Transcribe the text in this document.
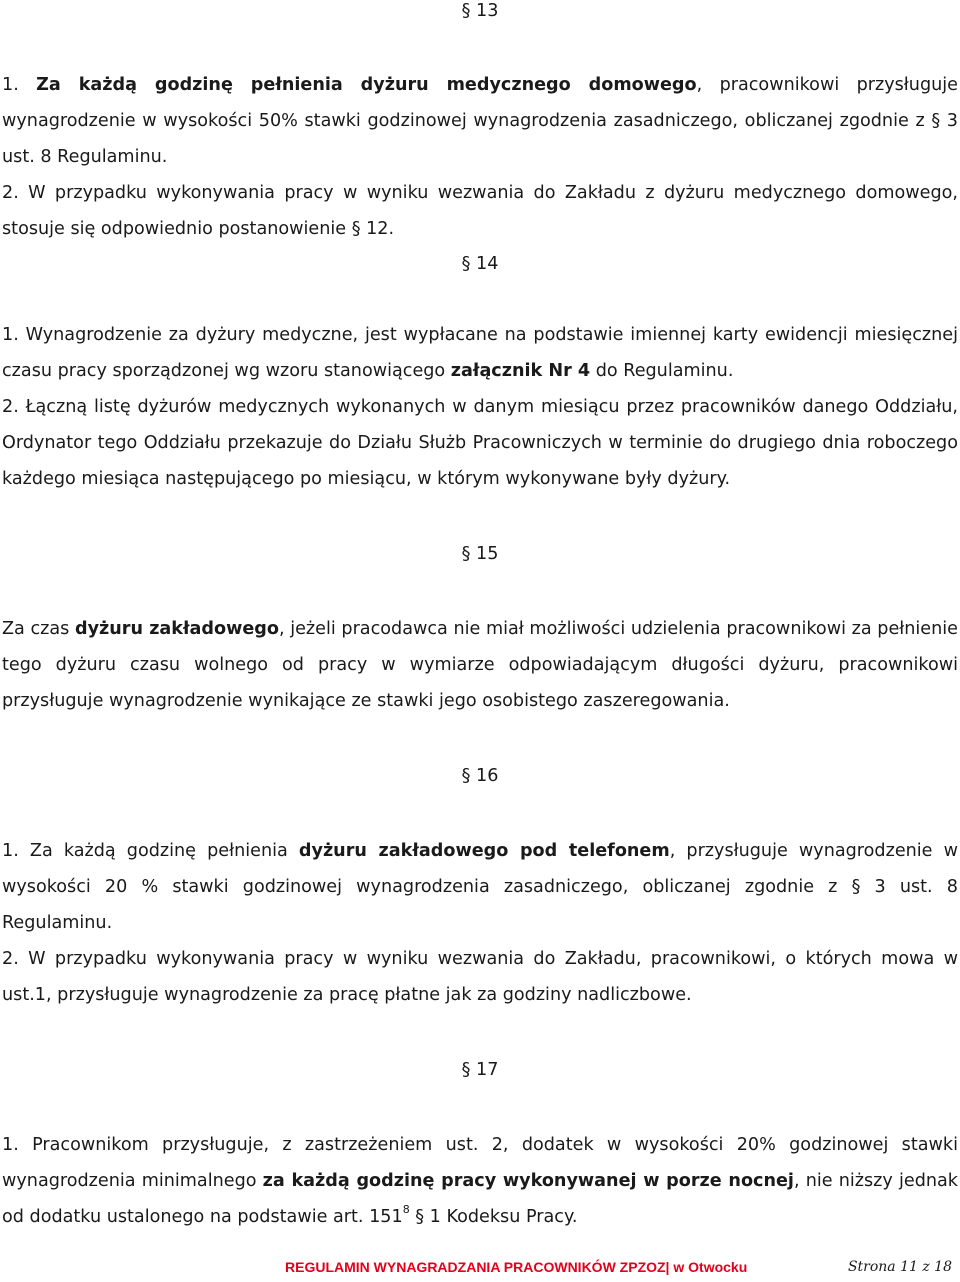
§ 13

1. Za każdą godzinę pełnienia dyżuru medycznego domowego, pracownikowi przysługuje wynagrodzenie w wysokości 50% stawki godzinowej wynagrodzenia zasadniczego, obliczanej zgodnie z § 3 ust. 8 Regulaminu.

2. W przypadku wykonywania pracy w wyniku wezwania do Zakładu z dyżuru medycznego domowego, stosuje się odpowiednio postanowienie § 12.

§ 14

1. Wynagrodzenie za dyżury medyczne, jest wypłacane na podstawie imiennej karty ewidencji miesięcznej czasu pracy sporządzonej wg wzoru stanowiącego załącznik Nr 4 do Regulaminu.

2. Łączną listę dyżurów medycznych wykonanych w danym miesiącu przez pracowników danego Oddziału, Ordynator tego Oddziału przekazuje do Działu Służb Pracowniczych w terminie do drugiego dnia roboczego każdego miesiąca następującego po miesiącu, w którym wykonywane były dyżury.

§ 15

Za czas dyżuru zakładowego, jeżeli pracodawca nie miał możliwości udzielenia pracownikowi za pełnienie tego dyżuru czasu wolnego od pracy w wymiarze odpowiadającym długości dyżuru, pracownikowi przysługuje wynagrodzenie wynikające ze stawki jego osobistego zaszeregowania.

§ 16

1. Za każdą godzinę pełnienia dyżuru zakładowego pod telefonem, przysługuje wynagrodzenie w wysokości 20 % stawki godzinowej wynagrodzenia zasadniczego, obliczanej zgodnie z § 3 ust. 8 Regulaminu.

2. W przypadku wykonywania pracy w wyniku wezwania do Zakładu, pracownikowi, o których mowa w ust.1, przysługuje wynagrodzenie za pracę płatne jak za godziny nadliczbowe.

§ 17

1. Pracownikom przysługuje, z zastrzeżeniem ust. 2, dodatek w wysokości 20% godzinowej stawki wynagrodzenia minimalnego za każdą godzinę pracy wykonywanej w porze nocnej, nie niższy jednak od dodatku ustalonego na podstawie art. $151^8$ § 1 Kodeksu Pracy.

REGULAMIN WYNAGRADZANIA PRACOWNIKÓW ZPZOZ| w Otwocku	Strona 11 z 18
